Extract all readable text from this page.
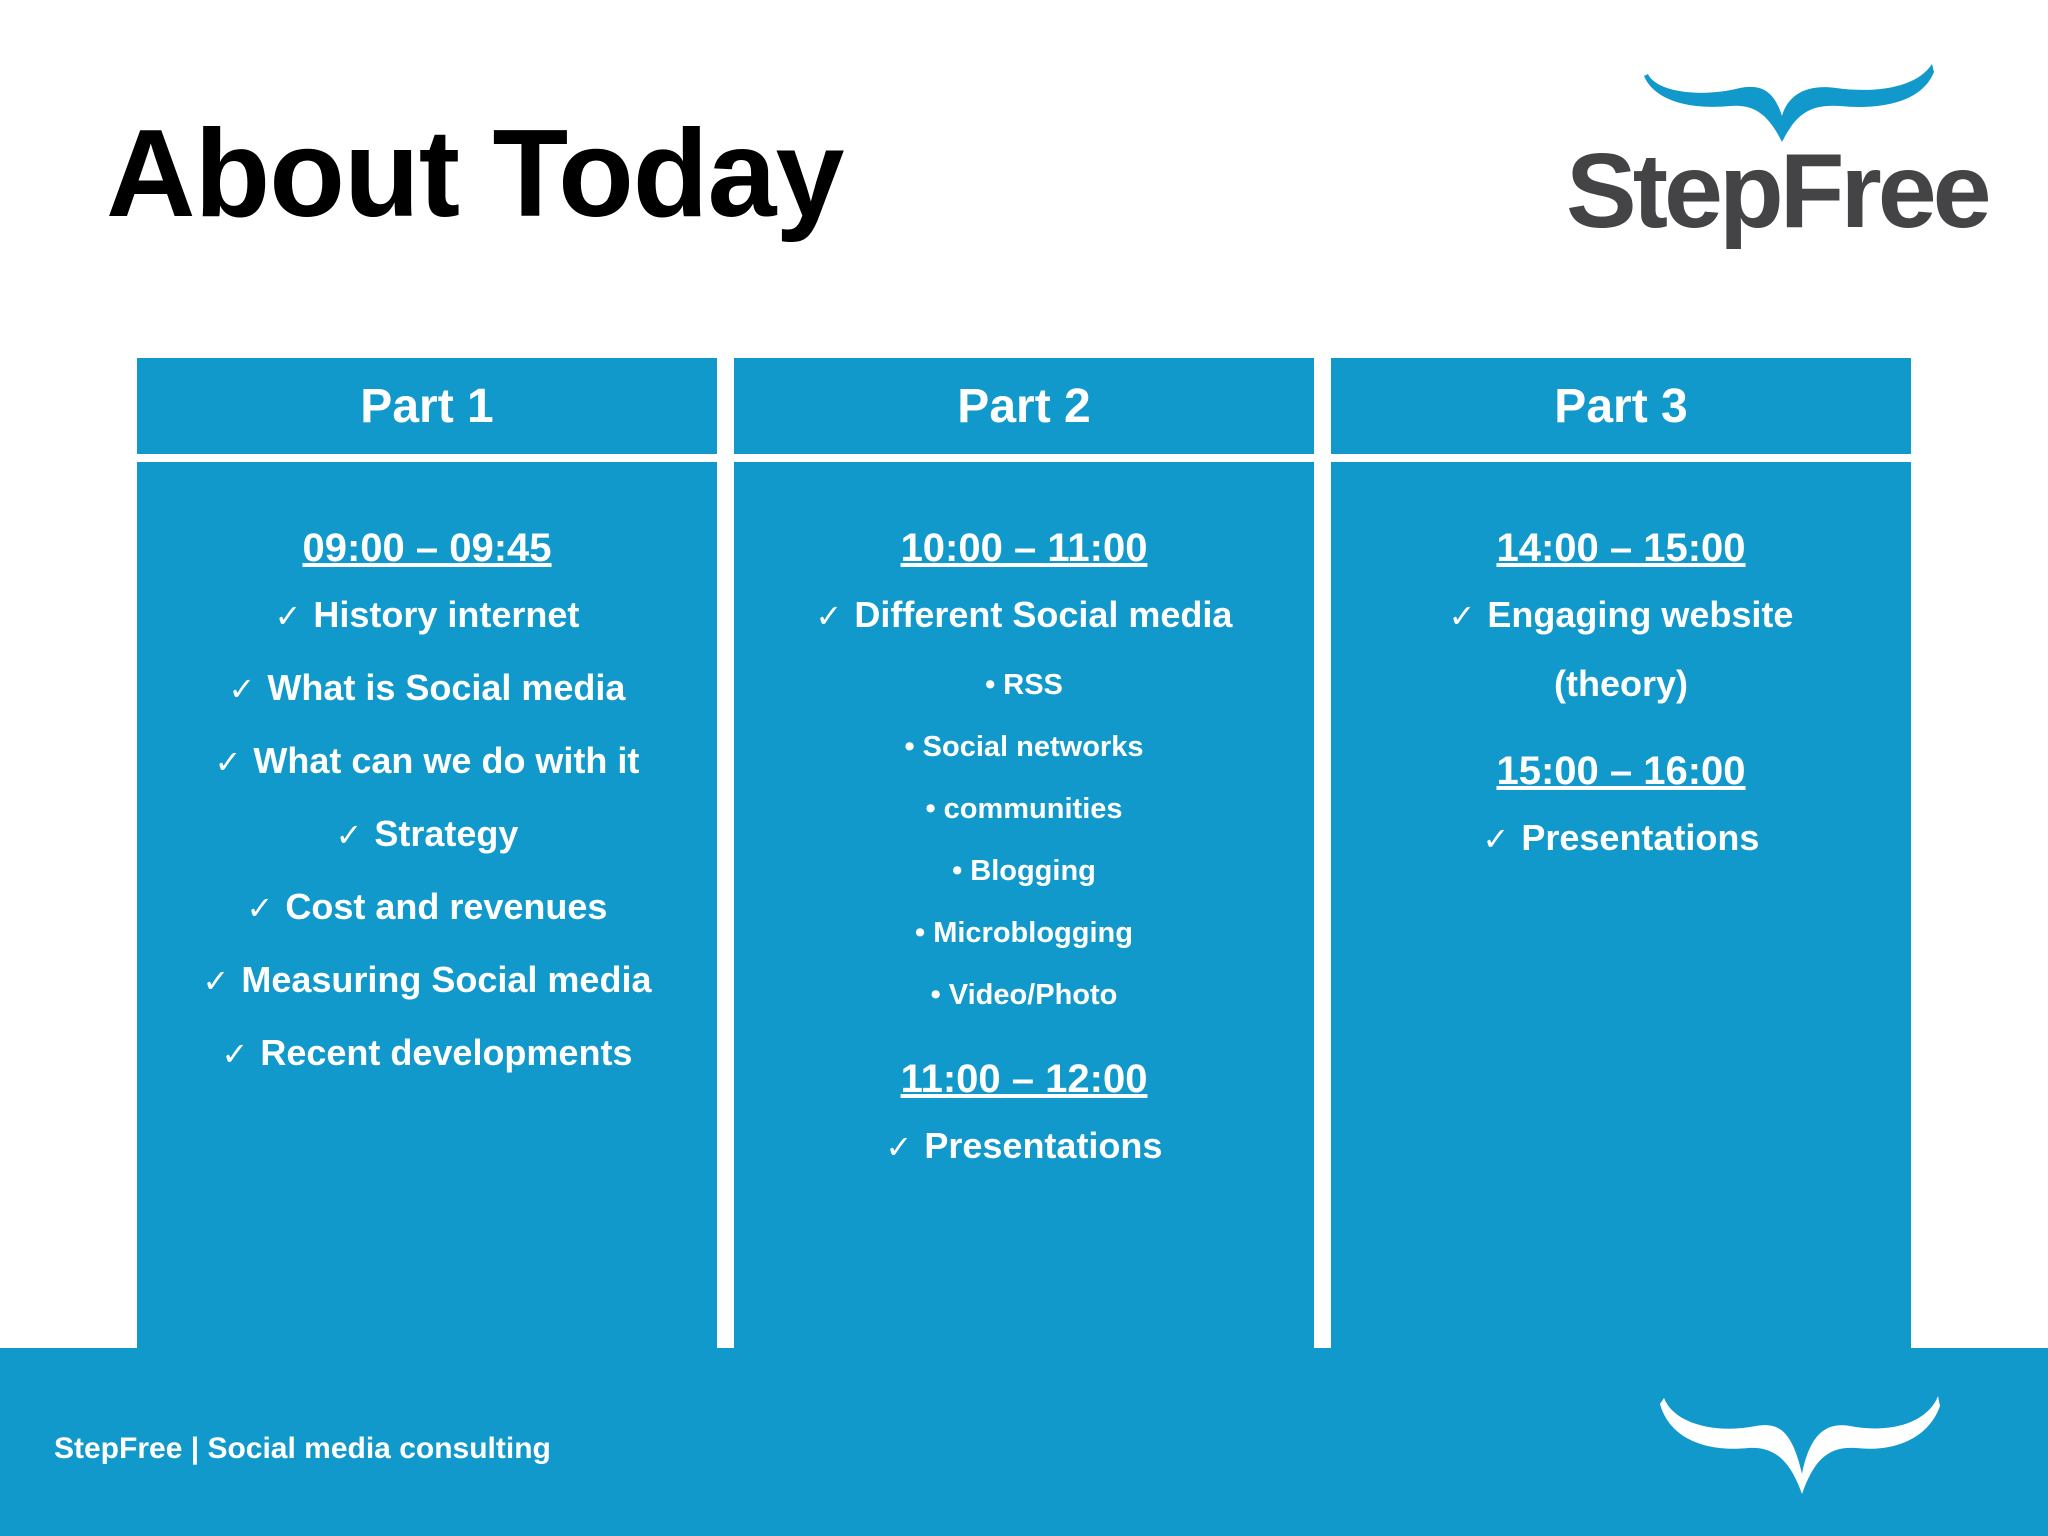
About Today	StepFree
Part 1
09:00 – 09:45
✓ History internet
✓ What is Social media
✓ What can we do with it
✓ Strategy
✓ Cost and revenues
✓ Measuring Social media
✓ Recent developments
Part 2
10:00 – 11:00
✓ Different Social media
• RSS
• Social networks
• communities
• Blogging
• Microblogging
• Video/Photo
11:00 – 12:00
✓ Presentations
Part 3
14:00 – 15:00
✓ Engaging website
(theory)
15:00 – 16:00
✓ Presentations
StepFree | Social media consulting
